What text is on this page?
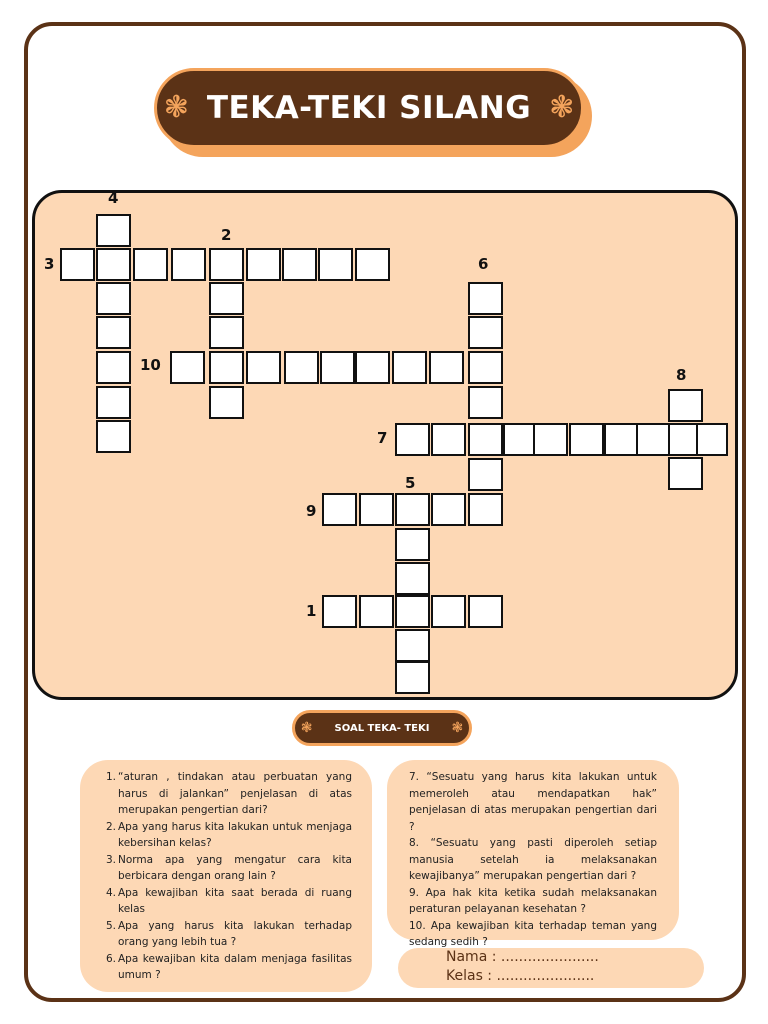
❃ TEKA-TEKI SILANG ❃
4
2
3	6
10
8
7
5
9
1
❃ SOAL TEKA- TEKI ❃
1. “aturan , tindakan atau perbuatan yang harus di jalankan” penjelasan di atas merupakan pengertian dari?
2. Apa yang harus kita lakukan untuk menjaga kebersihan kelas?
3. Norma apa yang mengatur cara kita berbicara dengan orang lain ?
4. Apa kewajiban kita saat berada di ruang kelas
5. Apa yang harus kita lakukan terhadap orang yang lebih tua ?
6. Apa kewajiban kita dalam menjaga fasilitas umum ?
7. “Sesuatu yang harus kita lakukan untuk memeroleh atau mendapatkan hak” penjelasan di atas merupakan pengertian dari ?
8. “Sesuatu yang pasti diperoleh setiap manusia setelah ia melaksanakan kewajibanya” merupakan pengertian dari ?
9. Apa hak kita ketika sudah melaksanakan peraturan pelayanan kesehatan ?
10. Apa kewajiban kita terhadap teman yang sedang sedih ?
Nama : ......................
Kelas : ......................
